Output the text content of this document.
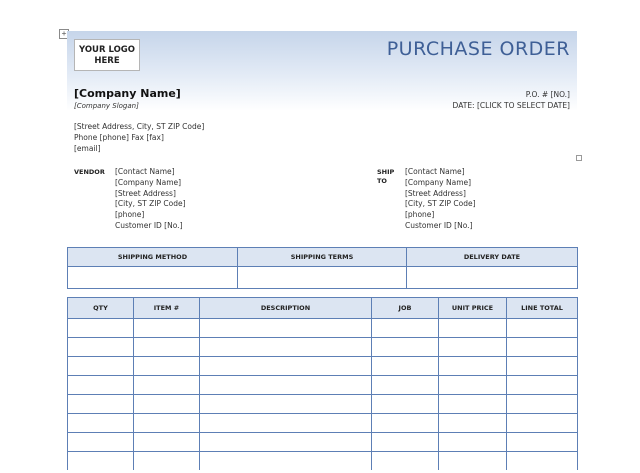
+
YOUR LOGO
HERE
PURCHASE ORDER
[Company Name]
[Company Slogan]
P.O. # [NO.]
DATE: [CLICK TO SELECT DATE]
[Street Address, City, ST ZIP Code]
Phone [phone] Fax [fax]
[email]
VENDOR [Contact Name]
[Company Name]
[Street Address]
[City, ST ZIP Code]
[phone]
Customer ID [No.]
SHIP
TO
[Contact Name]
[Company Name]
[Street Address]
[City, ST ZIP Code]
[phone]
Customer ID [No.]
SHIPPING METHOD	SHIPPING TERMS	DELIVERY DATE

QTY	ITEM #	DESCRIPTION	JOB	UNIT PRICE	LINE TOTAL
